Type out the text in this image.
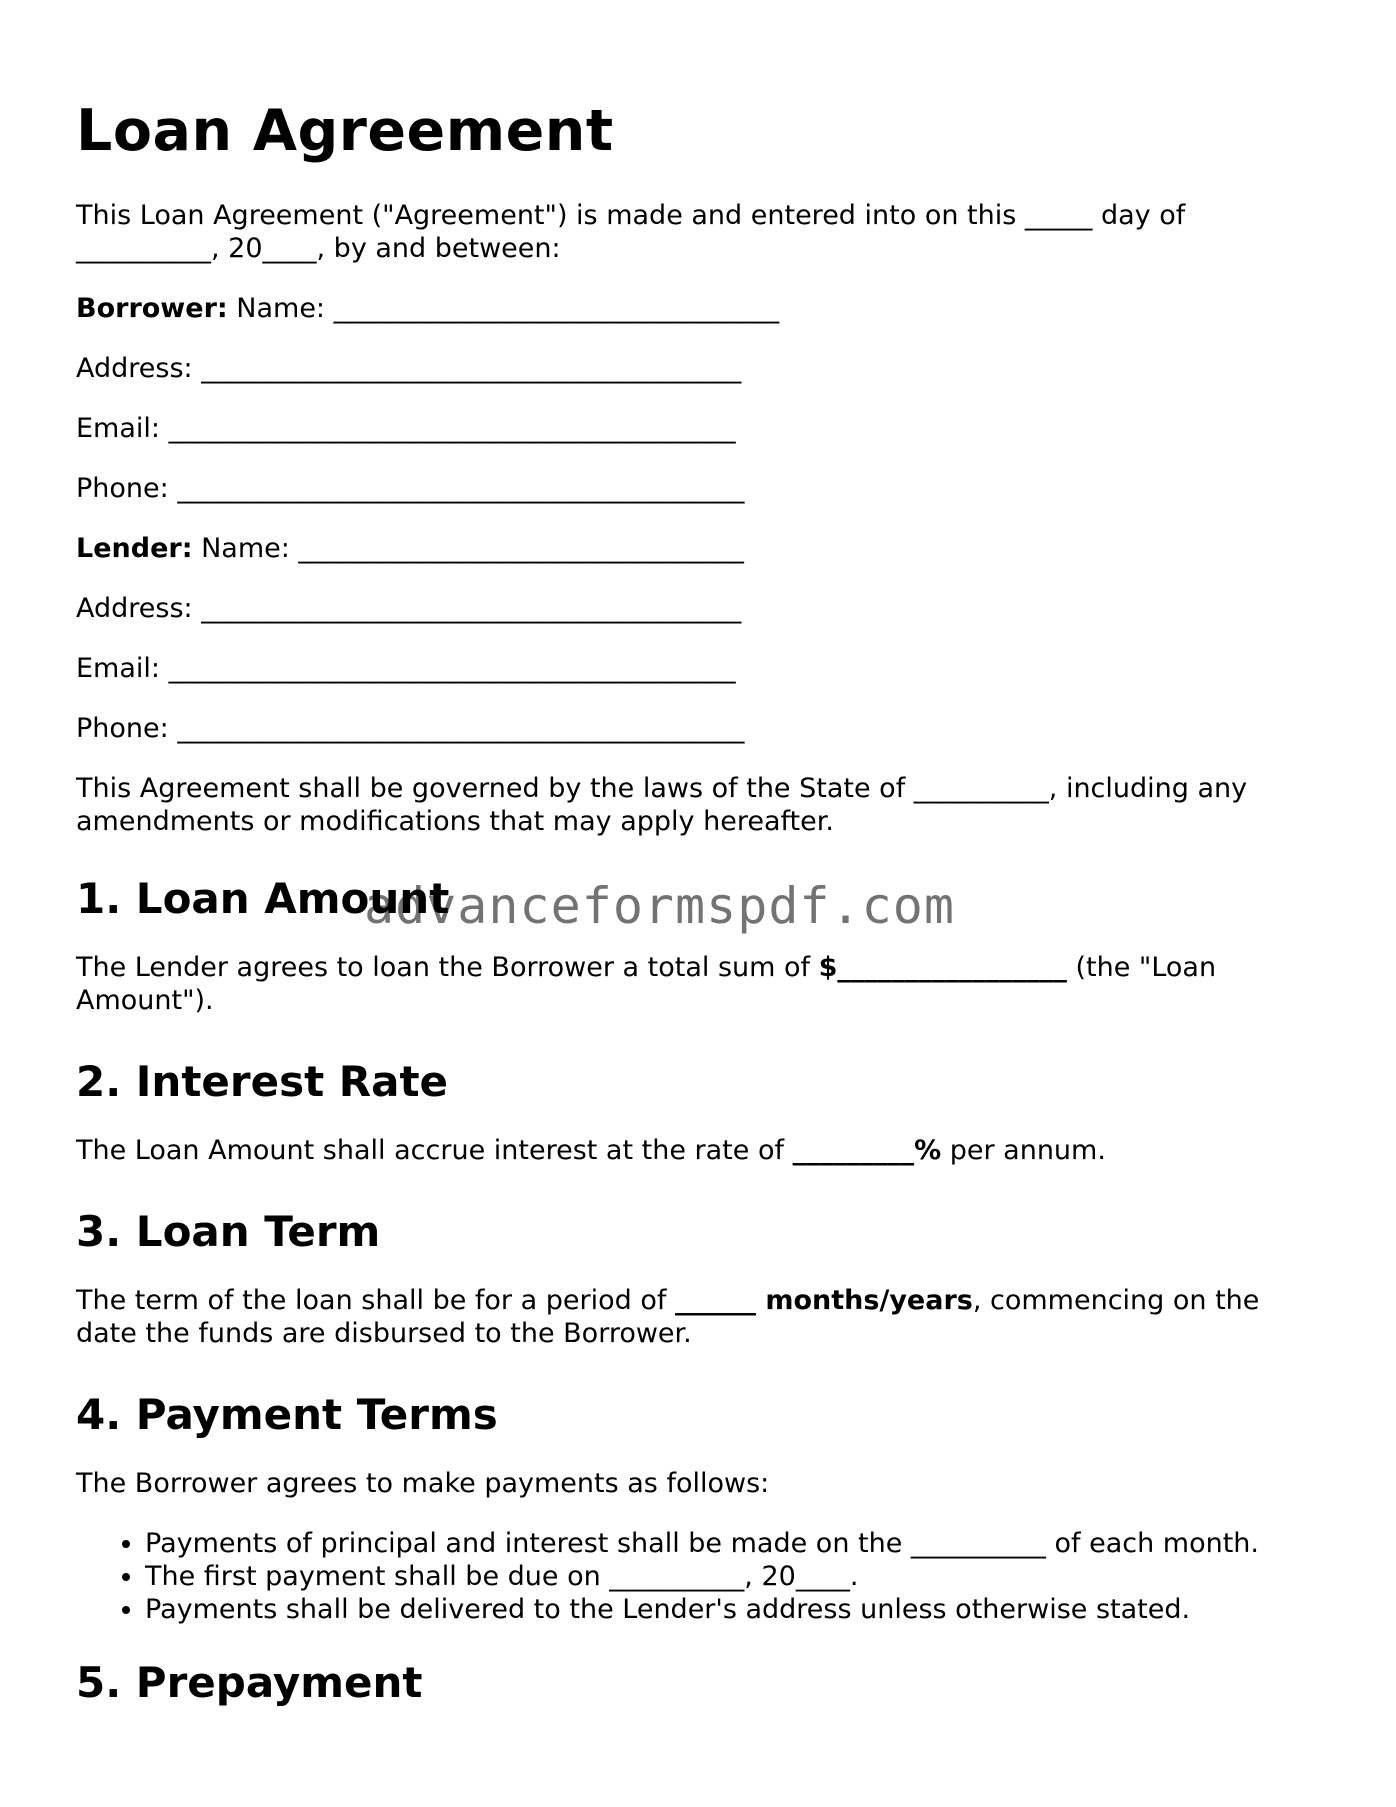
Loan Agreement

This Loan Agreement ("Agreement") is made and entered into on this _____ day of __________, 20____, by and between:

Borrower: Name: _________________________________

Address: ________________________________________

Email: __________________________________________

Phone: __________________________________________

Lender: Name: _________________________________

Address: ________________________________________

Email: __________________________________________

Phone: __________________________________________

This Agreement shall be governed by the laws of the State of __________, including any amendments or modifications that may apply hereafter.

1. Loan Amount

The Lender agrees to loan the Borrower a total sum of $_________________ (the "Loan Amount").

2. Interest Rate

The Loan Amount shall accrue interest at the rate of _________% per annum.

3. Loan Term

The term of the loan shall be for a period of ______ months/years, commencing on the date the funds are disbursed to the Borrower.

4. Payment Terms

The Borrower agrees to make payments as follows:

• Payments of principal and interest shall be made on the __________ of each month.
• The first payment shall be due on __________, 20____.
• Payments shall be delivered to the Lender's address unless otherwise stated.
5. Prepayment
advanceformspdf.com
